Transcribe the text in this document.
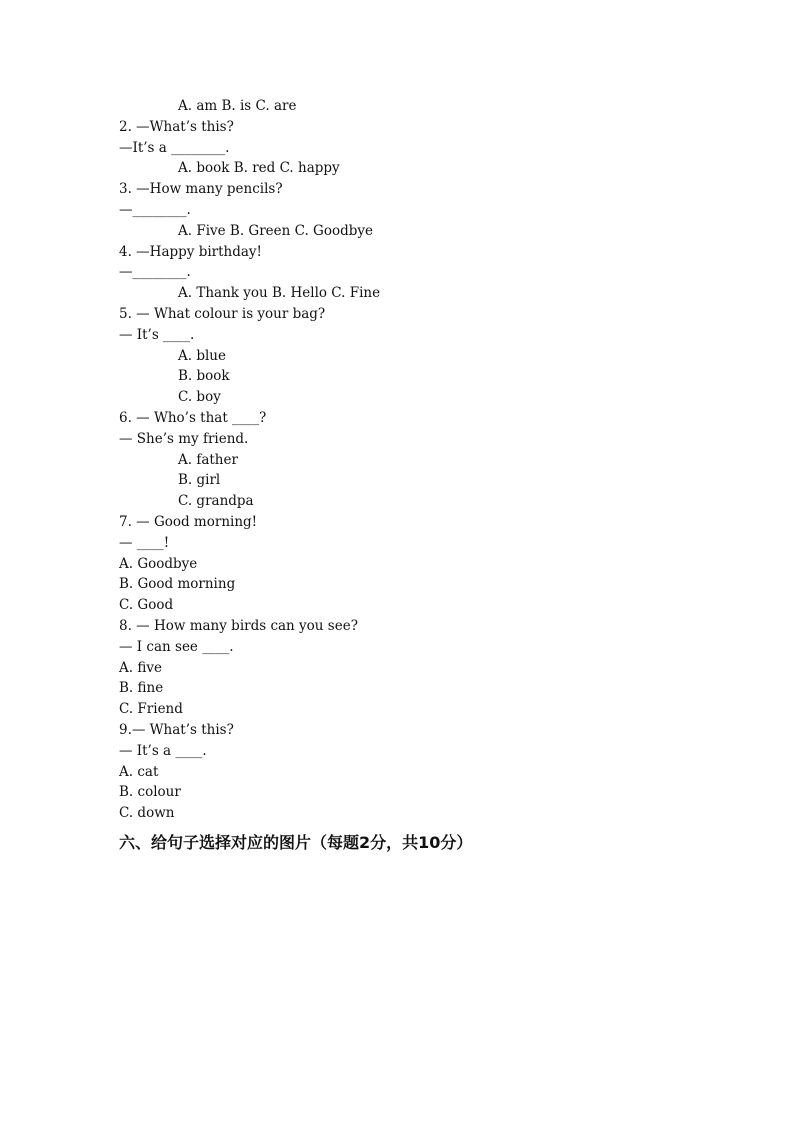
A. am B. is C. are
2. —What’s this?
—It’s a ________.
A. book B. red C. happy
3. —How many pencils?
—________.
A. Five B. Green C. Goodbye
4. —Happy birthday!
—________.
A. Thank you B. Hello C. Fine
5. — What colour is your bag?
— It’s ____.
A. blue
B. book
C. boy
6. — Who’s that ____?
— She’s my friend.
A. father
B. girl
C. grandpa
7. — Good morning!
— ____!
A. Goodbye
B. Good morning
C. Good
8. — How many birds can you see?
— I can see ____.
A. five
B. fine
C. Friend
9.— What’s this?
— It’s a ____.
A. cat
B. colour
C. down
六、给句子选择对应的图片（每题2分，共10分）
